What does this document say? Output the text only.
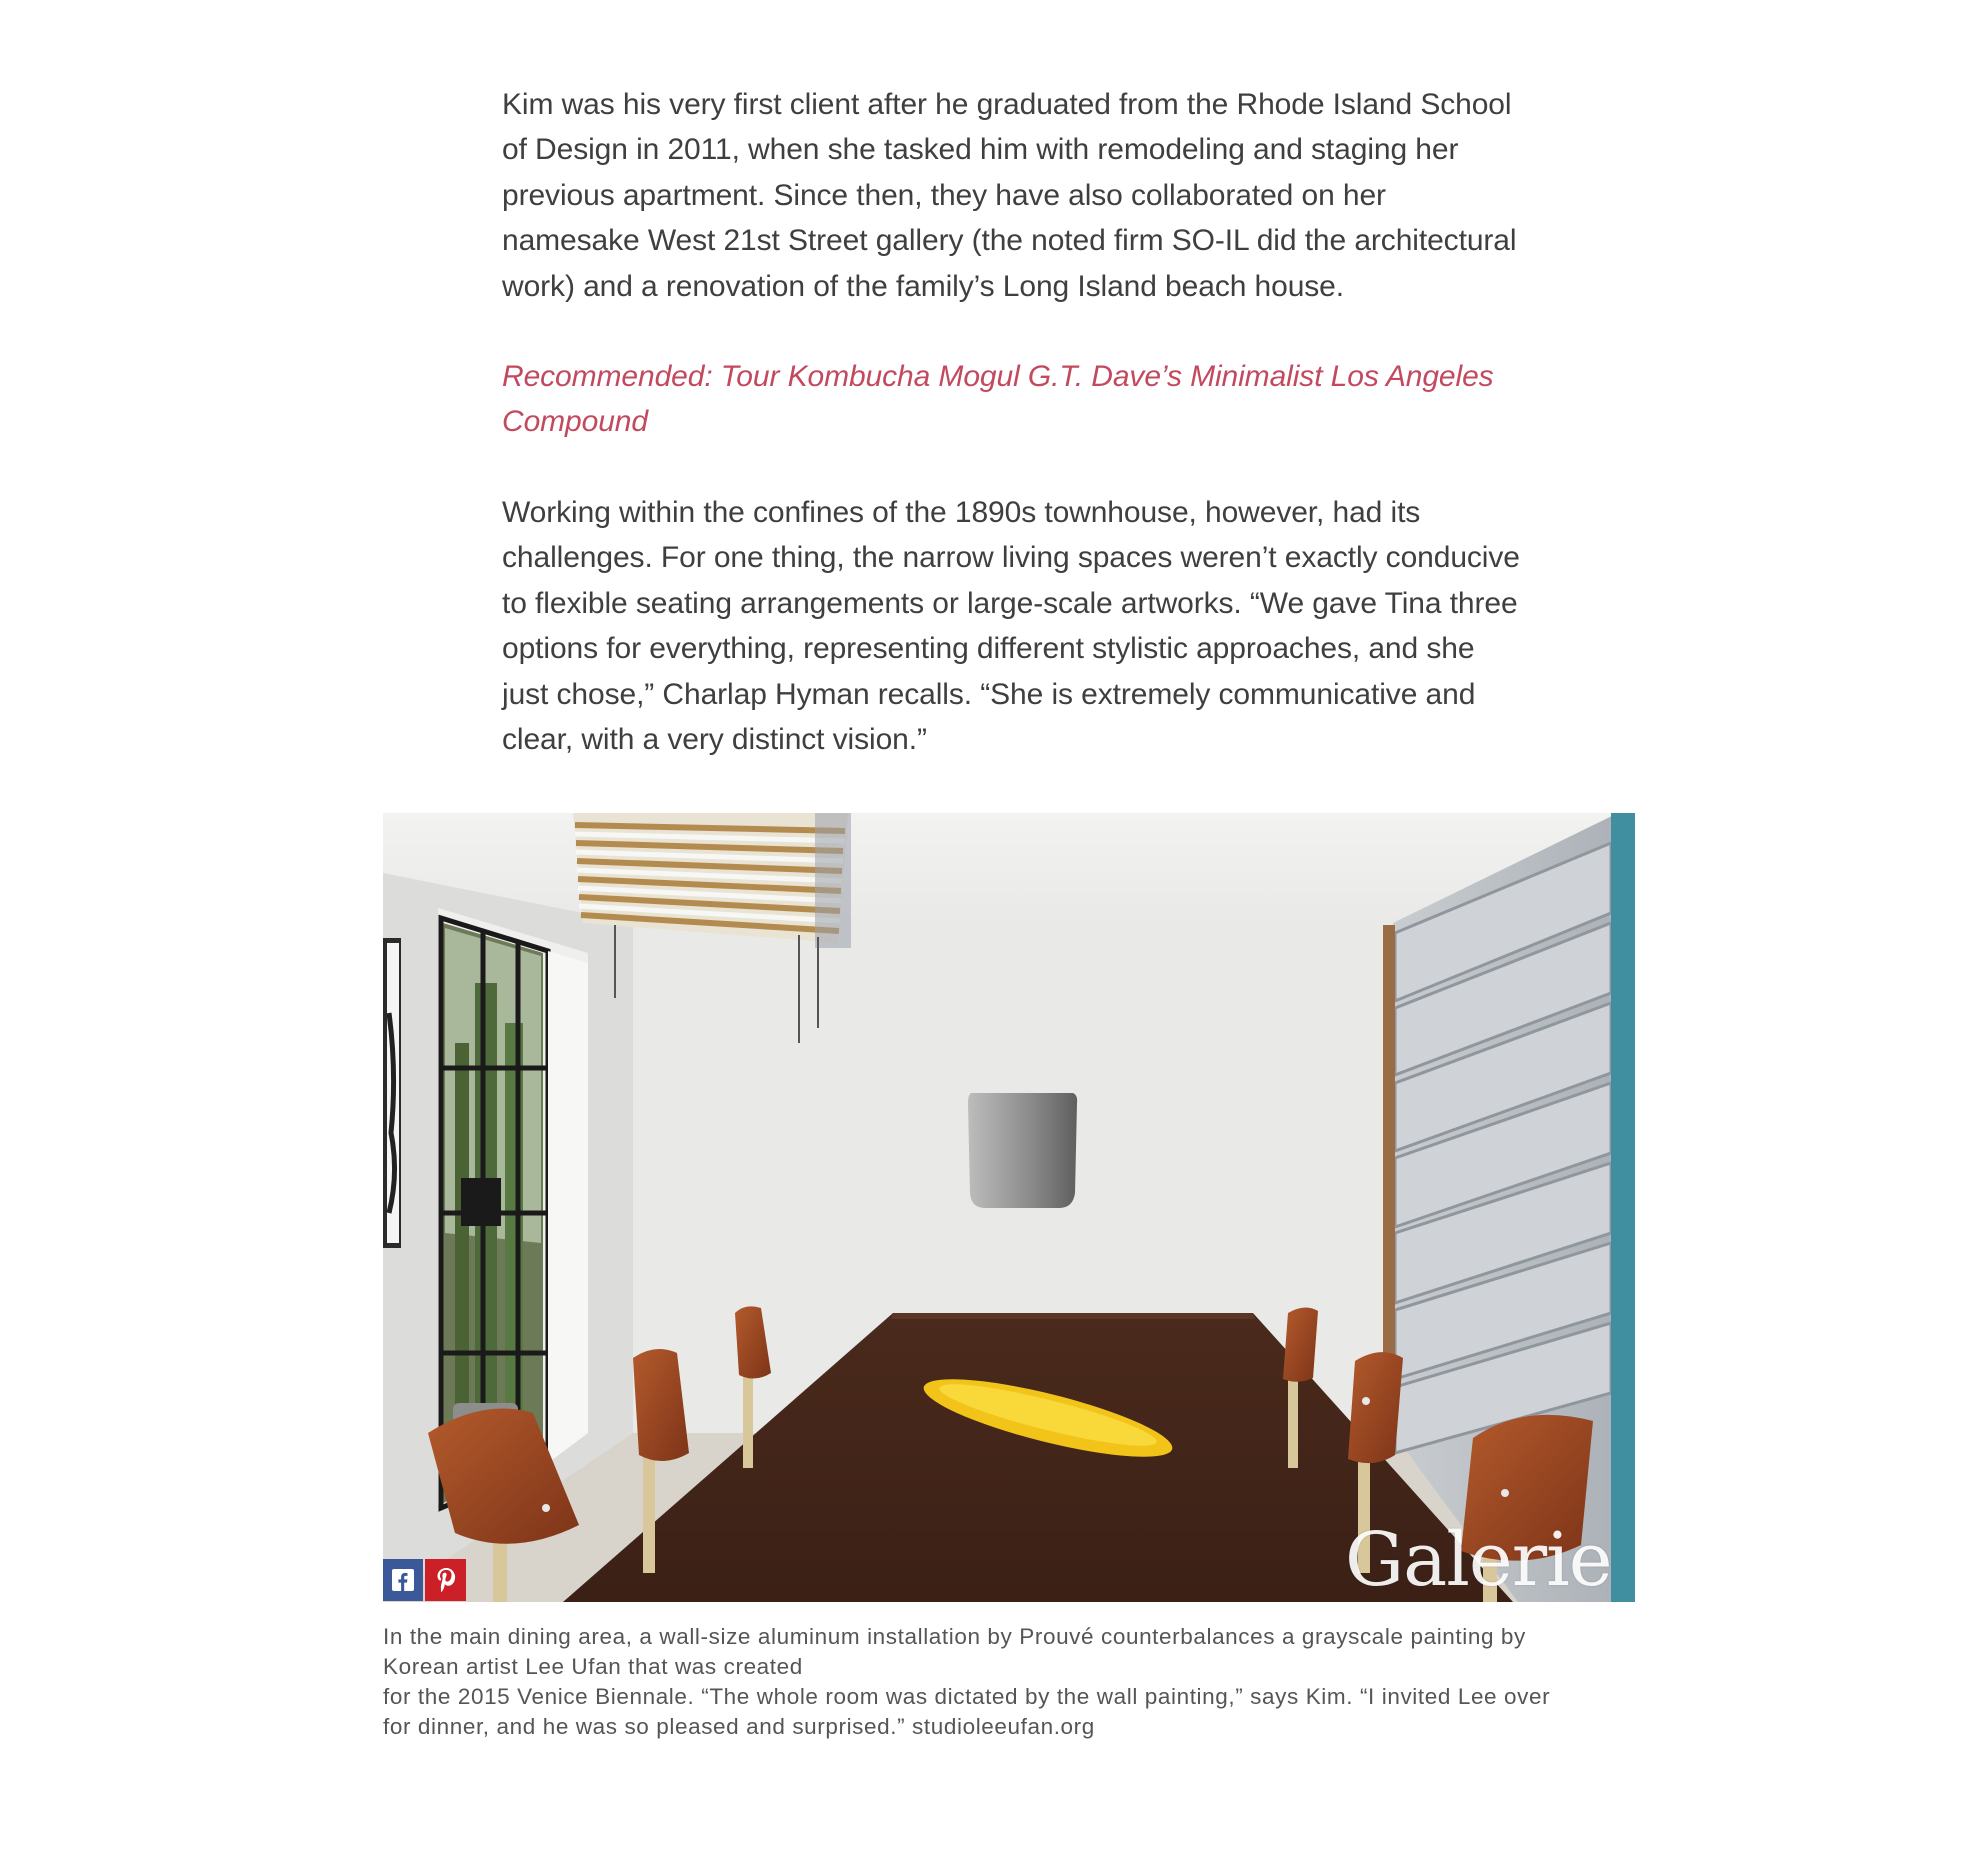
Kim was his very first client after he graduated from the Rhode Island School of Design in 2011, when she tasked him with remodeling and staging her previous apartment. Since then, they have also collaborated on her namesake West 21st Street gallery (the noted firm SO-IL did the architectural work) and a renovation of the family’s Long Island beach house.

Recommended: Tour Kombucha Mogul G.T. Dave’s Minimalist Los Angeles Compound

Working within the confines of the 1890s townhouse, however, had its challenges. For one thing, the narrow living spaces weren’t exactly conducive to flexible seating arrangements or large-scale artworks. “We gave Tina three options for everything, representing different stylistic approaches, and she just chose,” Charlap Hyman recalls. “She is extremely communicative and clear, with a very distinct vision.”

Galerie
In the main dining area, a wall-size aluminum installation by Prouvé counterbalances a grayscale painting by
Korean artist Lee Ufan that was created
for the 2015 Venice Biennale. “The whole room was dictated by the wall painting,” says Kim. “I invited Lee over
for dinner, and he was so pleased and surprised.” studioleeufan.org
